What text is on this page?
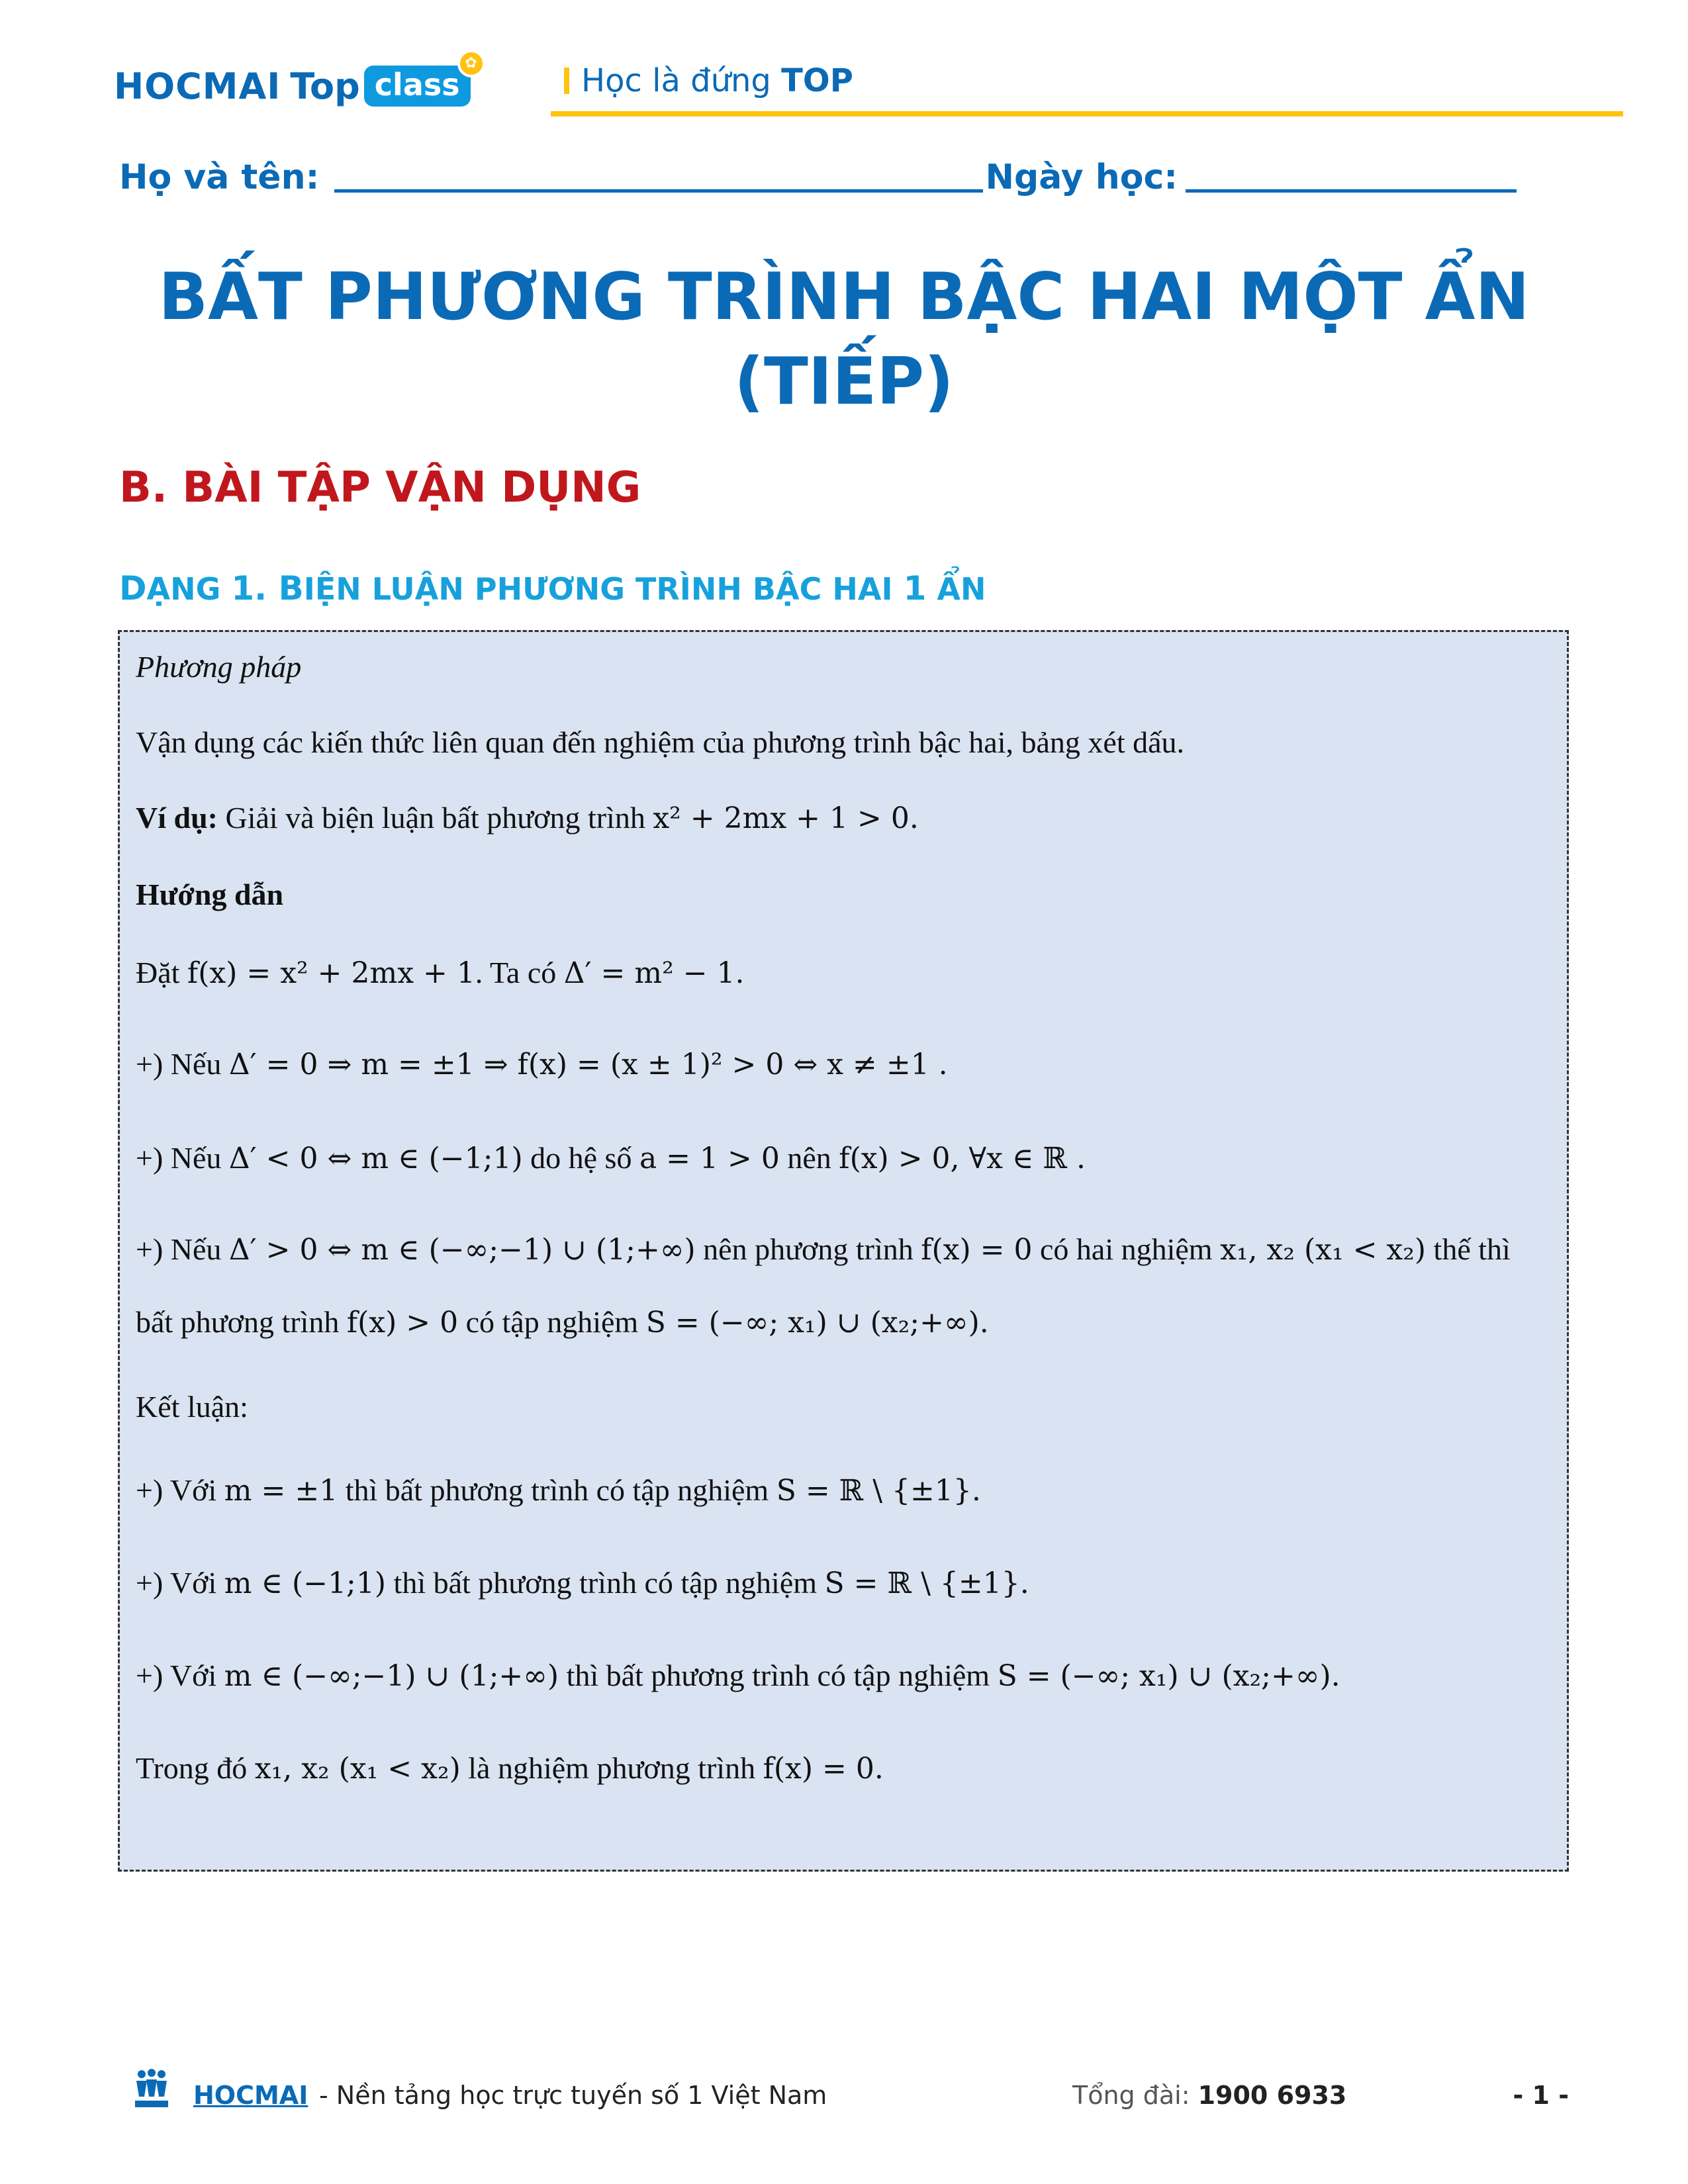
HOCMAI Top class
✿	Học là đứng TOP
Họ và tên:	Ngày học:
BẤT PHƯƠNG TRÌNH BẬC HAI MỘT ẨN
(TIẾP)
B. BÀI TẬP VẬN DỤNG
DẠNG 1. BIỆN LUẬN PHƯƠNG TRÌNH BẬC HAI 1 ẨN
Phương pháp
Vận dụng các kiến thức liên quan đến nghiệm của phương trình bậc hai, bảng xét dấu.
Ví dụ: Giải và biện luận bất phương trình x² + 2mx + 1 > 0.
Hướng dẫn
Đặt f(x) = x² + 2mx + 1. Ta có Δ′ = m² − 1.
+) Nếu Δ′ = 0 ⇒ m = ±1 ⇒ f(x) = (x ± 1)² > 0 ⇔ x ≠ ±1 .
+) Nếu Δ′ < 0 ⇔ m ∈ (−1;1) do hệ số a = 1 > 0 nên f(x) > 0, ∀x ∈ ℝ .
+) Nếu Δ′ > 0 ⇔ m ∈ (−∞;−1) ∪ (1;+∞) nên phương trình f(x) = 0 có hai nghiệm x₁, x₂ (x₁ < x₂) thế thì
bất phương trình f(x) > 0 có tập nghiệm S = (−∞; x₁) ∪ (x₂;+∞).
Kết luận:
+) Với m = ±1 thì bất phương trình có tập nghiệm S = ℝ \ {±1}.
+) Với m ∈ (−1;1) thì bất phương trình có tập nghiệm S = ℝ \ {±1}.
+) Với m ∈ (−∞;−1) ∪ (1;+∞) thì bất phương trình có tập nghiệm S = (−∞; x₁) ∪ (x₂;+∞).
Trong đó x₁, x₂ (x₁ < x₂) là nghiệm phương trình f(x) = 0.
HOCMAI - Nền tảng học trực tuyến số 1 Việt Nam	Tổng đài: 1900 6933	- 1 -
